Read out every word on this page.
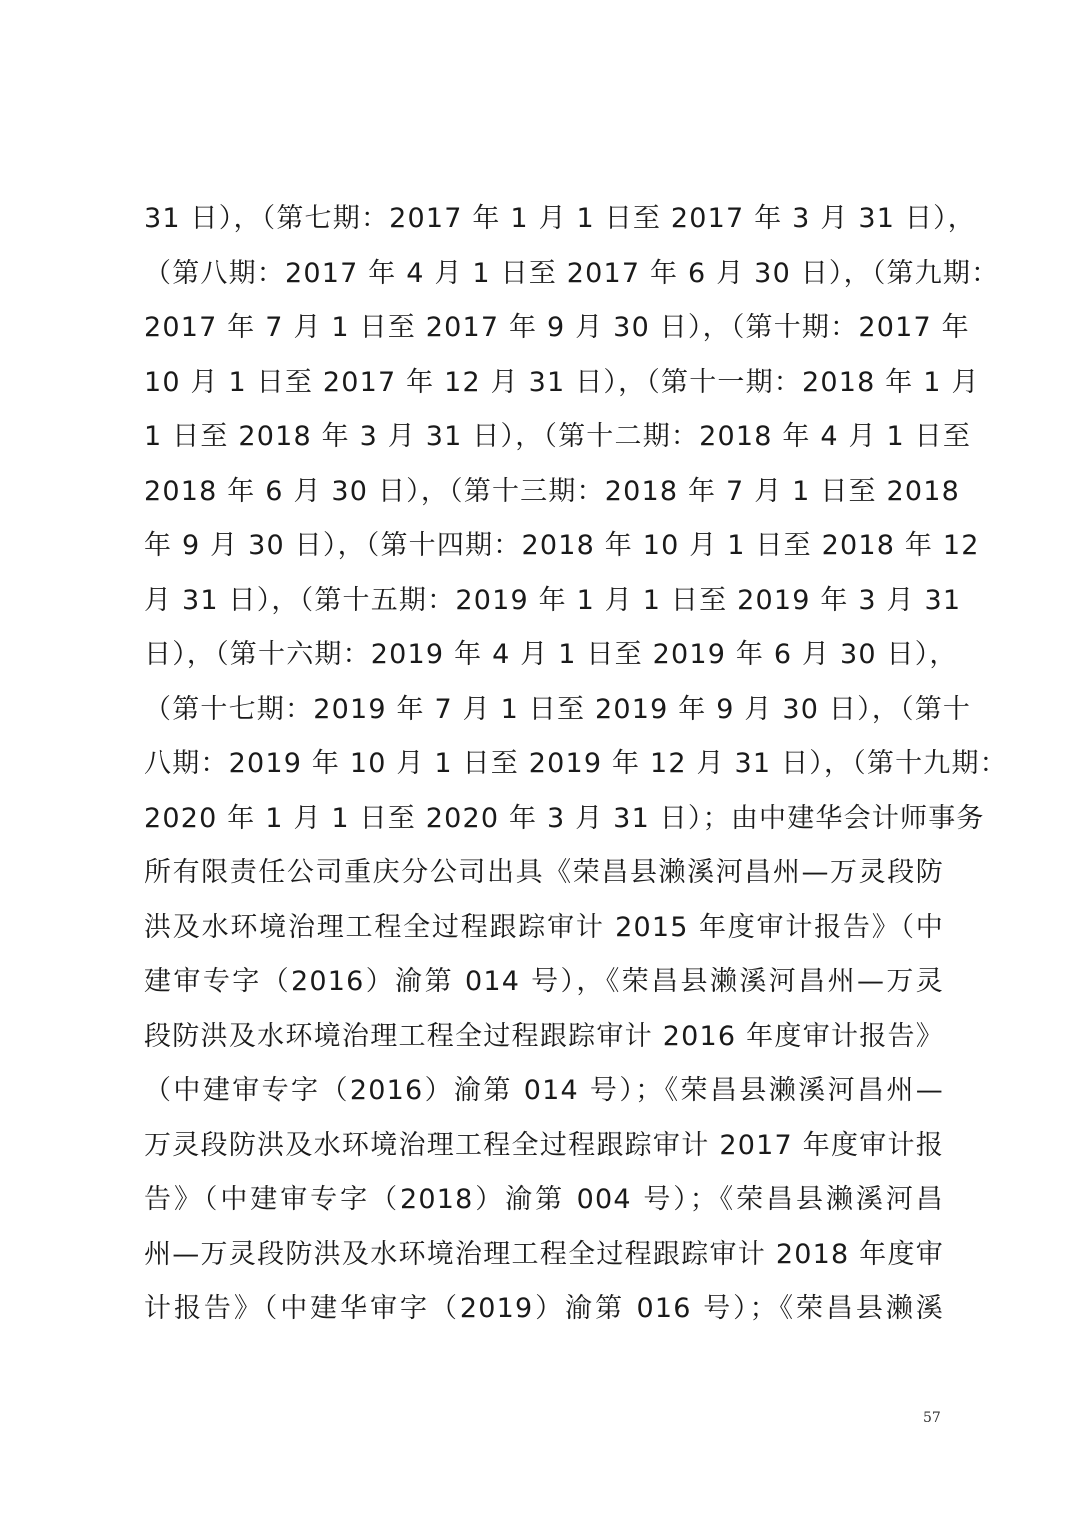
31 日），（第七期：2017 年 1 月 1 日至 2017 年 3 月 31 日），
（第八期：2017 年 4 月 1 日至 2017 年 6 月 30 日），（第九期：
2017 年 7 月 1 日至 2017 年 9 月 30 日），（第十期：2017 年
10 月 1 日至 2017 年 12 月 31 日），（第十一期：2018 年 1 月
1 日至 2018 年 3 月 31 日），（第十二期：2018 年 4 月 1 日至
2018 年 6 月 30 日），（第十三期：2018 年 7 月 1 日至 2018
年 9 月 30 日），（第十四期：2018 年 10 月 1 日至 2018 年 12
月 31 日），（第十五期：2019 年 1 月 1 日至 2019 年 3 月 31
日），（第十六期：2019 年 4 月 1 日至 2019 年 6 月 30 日），
（第十七期：2019 年 7 月 1 日至 2019 年 9 月 30 日），（第十
八期：2019 年 10 月 1 日至 2019 年 12 月 31 日），（第十九期：
2020 年 1 月 1 日至 2020 年 3 月 31 日）；由中建华会计师事务
所有限责任公司重庆分公司出具《荣昌县濑溪河昌州—万灵段防
洪及水环境治理工程全过程跟踪审计 2015 年度审计报告》（中
建审专字（2016）渝第 014 号），《荣昌县濑溪河昌州—万灵
段防洪及水环境治理工程全过程跟踪审计 2016 年度审计报告》
（中建审专字（2016）渝第 014 号）；《荣昌县濑溪河昌州—
万灵段防洪及水环境治理工程全过程跟踪审计 2017 年度审计报
告》（中建审专字（2018）渝第 004 号）；《荣昌县濑溪河昌
州—万灵段防洪及水环境治理工程全过程跟踪审计 2018 年度审
计报告》（中建华审字（2019）渝第 016 号）；《荣昌县濑溪
57
